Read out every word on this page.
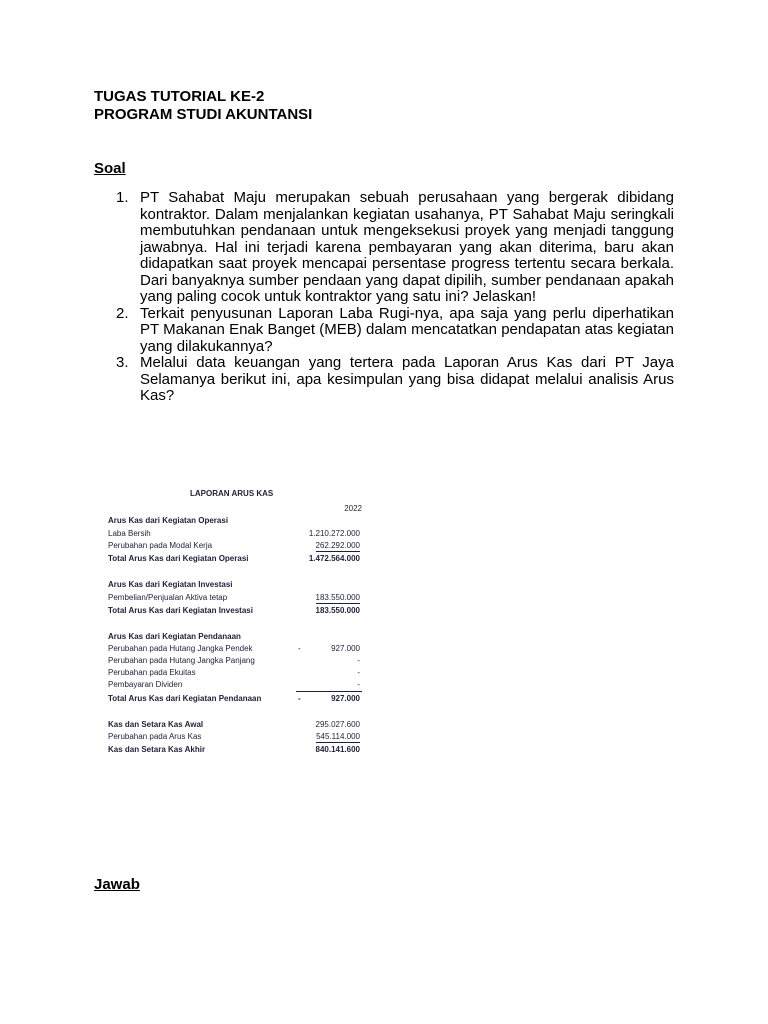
TUGAS TUTORIAL KE-2
PROGRAM STUDI AKUNTANSI
Soal
1. PT Sahabat Maju merupakan sebuah perusahaan yang bergerak dibidang kontraktor. Dalam menjalankan kegiatan usahanya, PT Sahabat Maju seringkali membutuhkan pendanaan untuk mengeksekusi proyek yang menjadi tanggung jawabnya. Hal ini terjadi karena pembayaran yang akan diterima, baru akan didapatkan saat proyek mencapai persentase progress tertentu secara berkala. Dari banyaknya sumber pendaan yang dapat dipilih, sumber pendanaan apakah yang paling cocok untuk kontraktor yang satu ini? Jelaskan!
2. Terkait penyusunan Laporan Laba Rugi-nya, apa saja yang perlu diperhatikan PT Makanan Enak Banget (MEB) dalam mencatatkan pendapatan atas kegiatan yang dilakukannya?
3. Melalui data keuangan yang tertera pada Laporan Arus Kas dari PT Jaya Selamanya berikut ini, apa kesimpulan yang bisa didapat melalui analisis Arus Kas?
LAPORAN ARUS KAS
2022
Arus Kas dari Kegiatan Operasi
Laba Bersih	1.210.272.000
Perubahan pada Modal Kerja	262.292.000
Total Arus Kas dari Kegiatan Operasi	1.472.564.000
Arus Kas dari Kegiatan Investasi
Pembelian/Penjualan Aktiva tetap	183.550.000
Total Arus Kas dari Kegiatan Investasi	183.550.000
Arus Kas dari Kegiatan Pendanaan
Perubahan pada Hutang Jangka Pendek	-	927.000
Perubahan pada Hutang Jangka Panjang	-
Perubahan pada Ekuitas	-
Pembayaran Dividen	-
Total Arus Kas dari Kegiatan Pendanaan	-	927.000
Kas dan Setara Kas Awal	295.027.600
Perubahan pada Arus Kas	545.114.000
Kas dan Setara Kas Akhir	840.141.600
Jawab
